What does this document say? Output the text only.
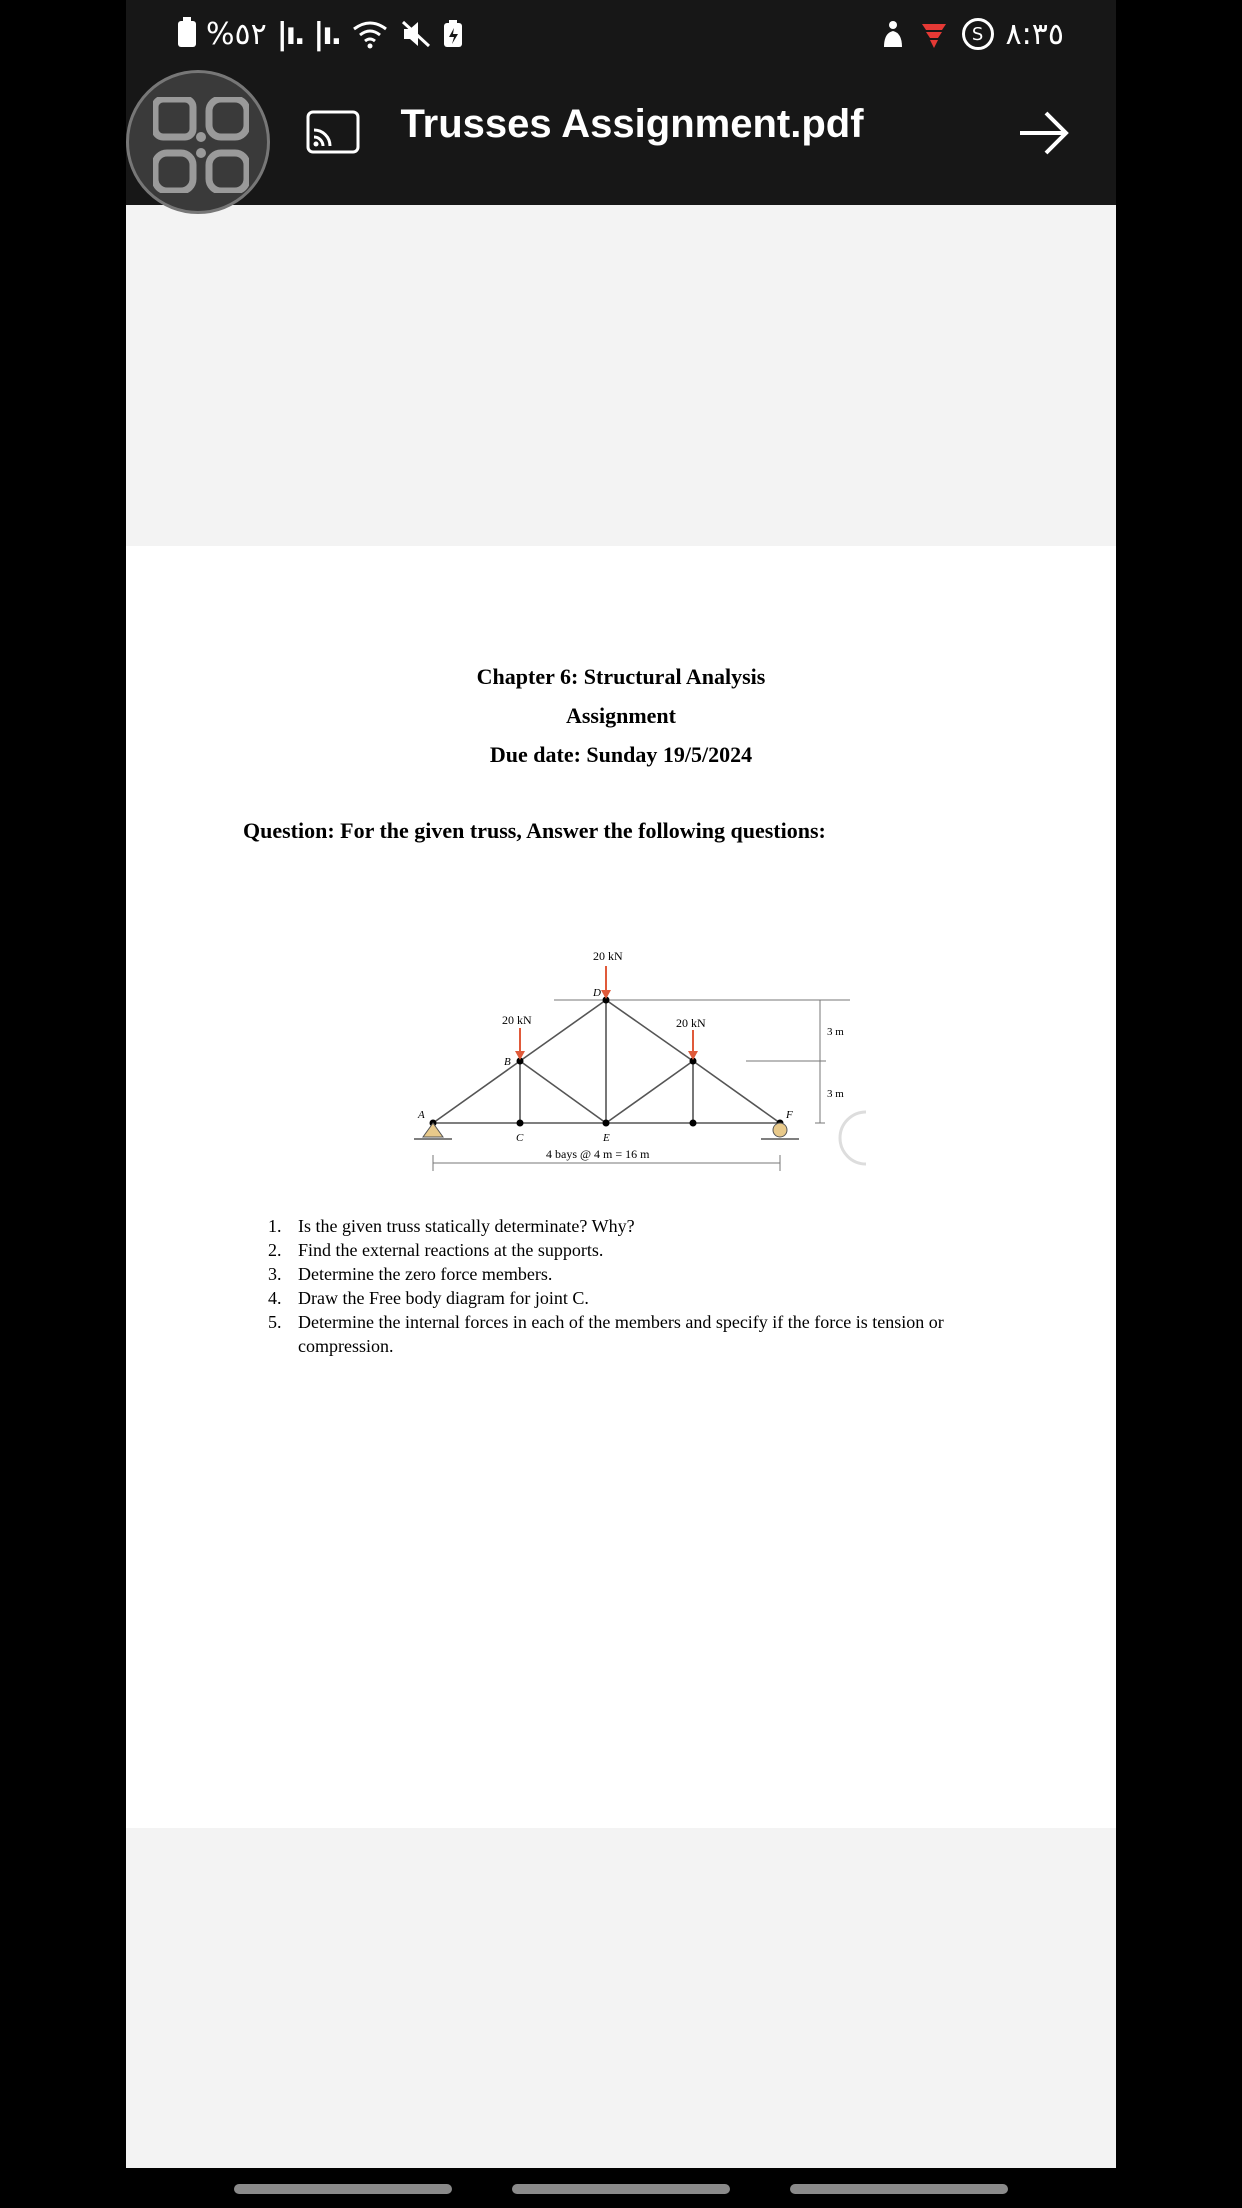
%٥٢ |ı. |ı.	S ٨:٣٥
Trusses Assignment.pdf
Chapter 6: Structural Analysis
Assignment
Due date: Sunday 19/5/2024
Question: For the given truss, Answer the following questions:
20 kN
20 kN	20 kN
A
B
C
D
E
F
3 m
3 m
4 bays @ 4 m = 16 m
1. Is the given truss statically determinate? Why?
2. Find the external reactions at the supports.
3. Determine the zero force members.
4. Draw the Free body diagram for joint C.
5. Determine the internal forces in each of the members and specify if the force is tension or compression.
